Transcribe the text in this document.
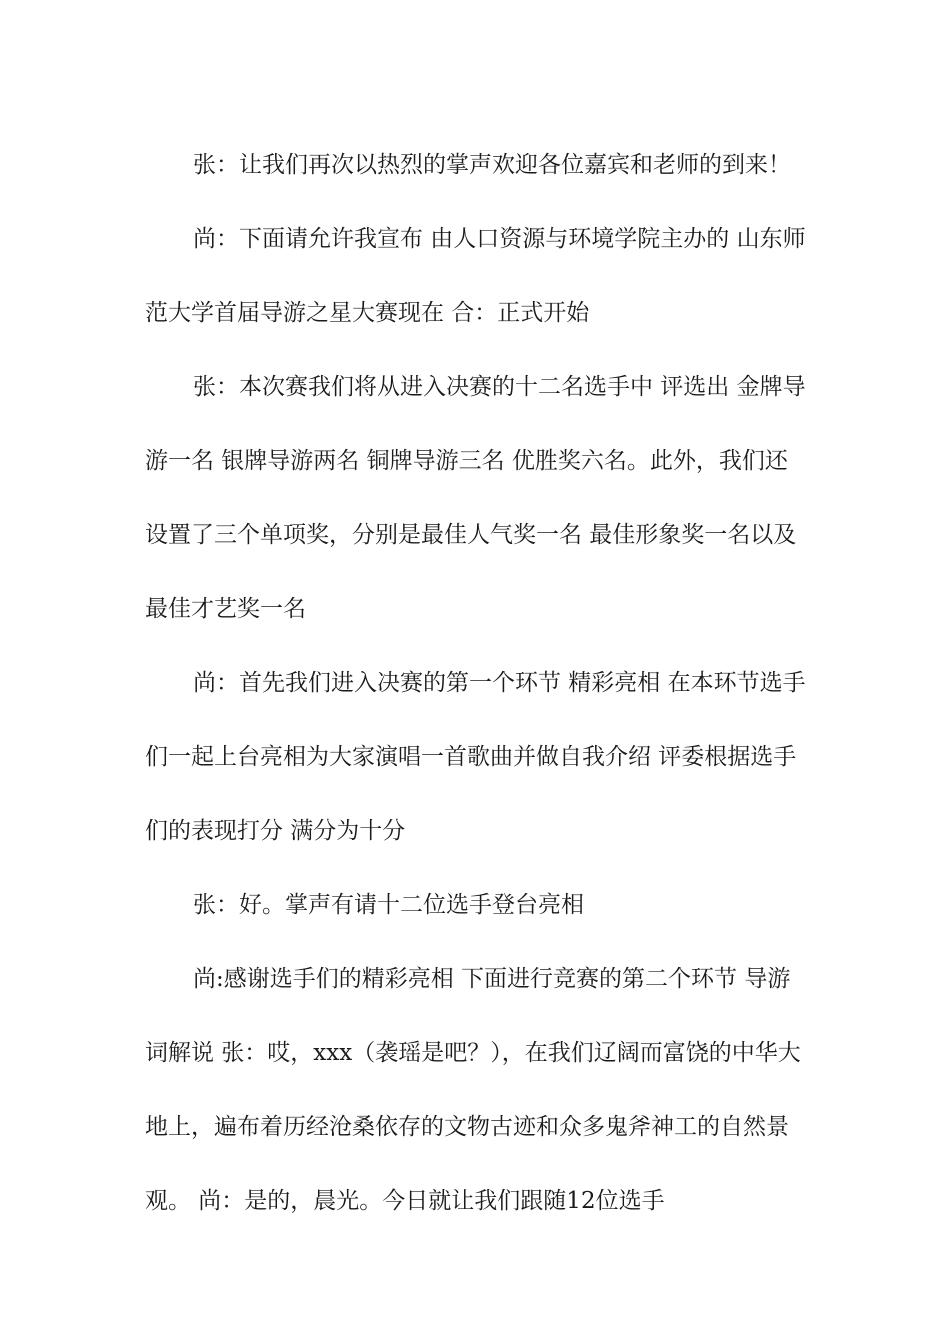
张：让我们再次以热烈的掌声欢迎各位嘉宾和老师的到来！

尚：下面请允许我宣布 由人口资源与环境学院主办的 山东师范大学首届导游之星大赛现在 合：正式开始

张：本次赛我们将从进入决赛的十二名选手中 评选出 金牌导游一名 银牌导游两名 铜牌导游三名 优胜奖六名。此外，我们还设置了三个单项奖，分别是最佳人气奖一名 最佳形象奖一名以及最佳才艺奖一名

尚：首先我们进入决赛的第一个环节 精彩亮相 在本环节选手们一起上台亮相为大家演唱一首歌曲并做自我介绍 评委根据选手们的表现打分 满分为十分

张：好。掌声有请十二位选手登台亮相

尚:感谢选手们的精彩亮相 下面进行竞赛的第二个环节 导游词解说 张：哎，xxx（袭瑶是吧？），在我们辽阔而富饶的中华大地上，遍布着历经沧桑依存的文物古迹和众多鬼斧神工的自然景观。 尚：是的，晨光。今日就让我们跟随12位选手
